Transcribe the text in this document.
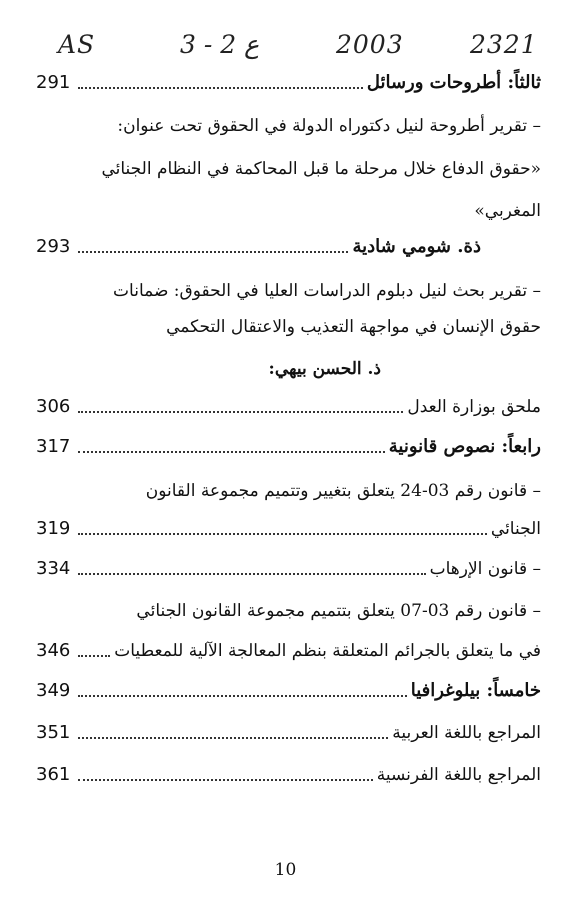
AS	3 - 2 ع	2003	2321
291	ثالثاً: أطروحات ورسائل
– تقرير أطروحة لنيل دكتوراه الدولة في الحقوق تحت عنوان:
«حقوق الدفاع خلال مرحلة ما قبل المحاكمة في النظام الجنائي
المغربي»
293	ذة. شومي شادية
– تقرير بحث لنيل دبلوم الدراسات العليا في الحقوق: ضمانات
حقوق الإنسان في مواجهة التعذيب والاعتقال التحكمي
ذ. الحسن بيهي:
306	ملحق بوزارة العدل
317	رابعاً: نصوص قانونية
– قانون رقم 03-24 يتعلق بتغيير وتتميم مجموعة القانون
319	الجنائي
334	– قانون الإرهاب
– قانون رقم 03-07 يتعلق بتتميم مجموعة القانون الجنائي
346	في ما يتعلق بالجرائم المتعلقة بنظم المعالجة الآلية للمعطيات
349	خامساً: بيلوغرافيا
351	المراجع باللغة العربية
361	المراجع باللغة الفرنسية
10
